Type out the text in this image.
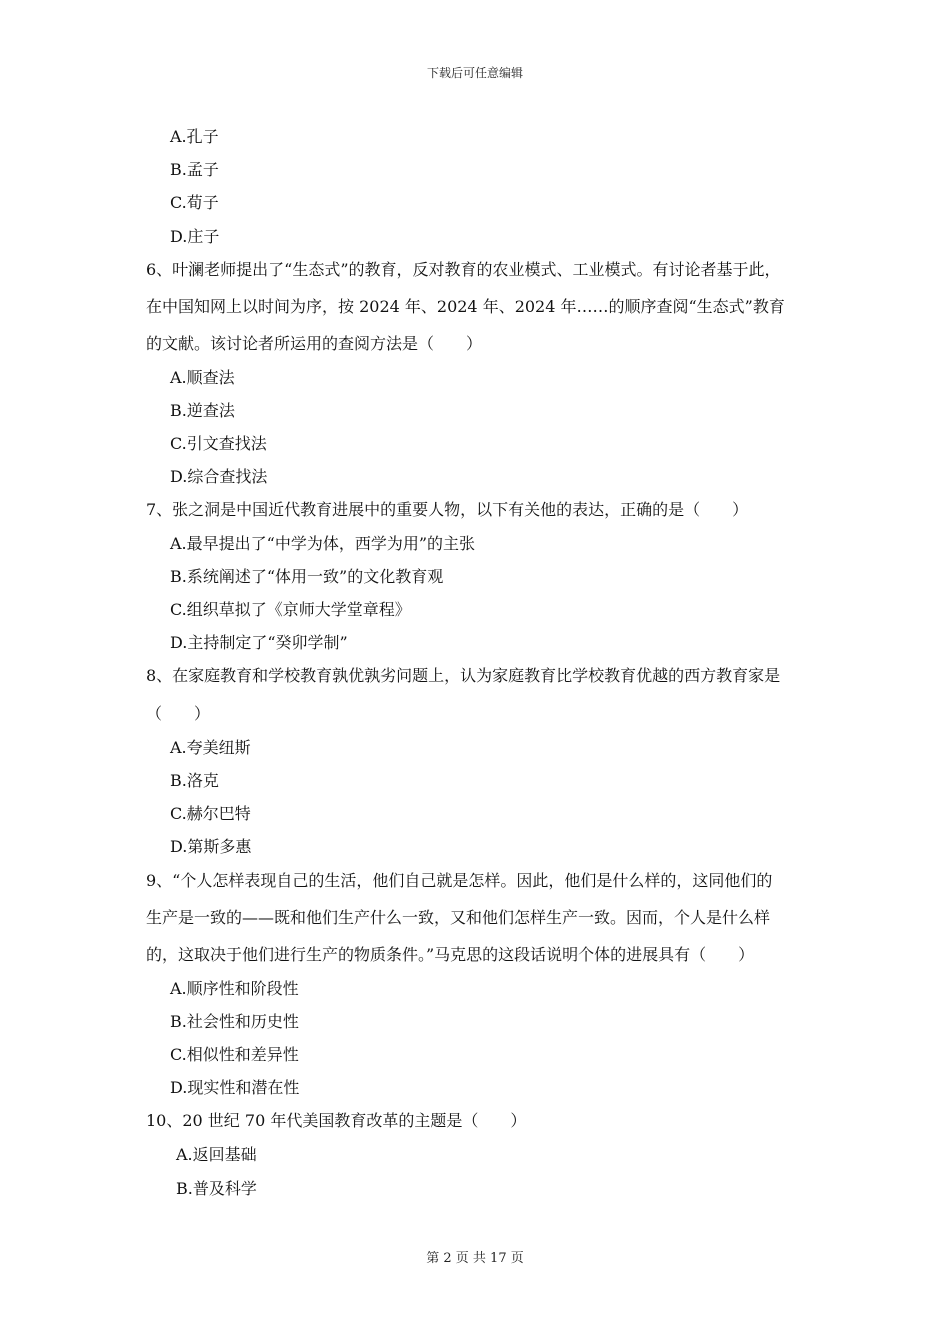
下载后可任意编辑
A.孔子
B.孟子
C.荀子
D.庄子
6、叶澜老师提出了“生态式”的教育，反对教育的农业模式、工业模式。有讨论者基于此，
在中国知网上以时间为序，按 2024 年、2024 年、2024 年……的顺序查阅“生态式”教育
的文献。该讨论者所运用的查阅方法是（　　）
A.顺查法
B.逆查法
C.引文查找法
D.综合查找法
7、张之洞是中国近代教育进展中的重要人物，以下有关他的表达，正确的是（　　）
A.最早提出了“中学为体，西学为用”的主张
B.系统阐述了“体用一致”的文化教育观
C.组织草拟了《京师大学堂章程》
D.主持制定了“癸卯学制”
8、在家庭教育和学校教育孰优孰劣问题上，认为家庭教育比学校教育优越的西方教育家是
（　　）
A.夸美纽斯
B.洛克
C.赫尔巴特
D.第斯多惠
9、“个人怎样表现自己的生活，他们自己就是怎样。因此，他们是什么样的，这同他们的
生产是一致的——既和他们生产什么一致，又和他们怎样生产一致。因而，个人是什么样
的，这取决于他们进行生产的物质条件。”马克思的这段话说明个体的进展具有（　　）
A.顺序性和阶段性
B.社会性和历史性
C.相似性和差异性
D.现实性和潜在性
10、20 世纪 70 年代美国教育改革的主题是（　　）
A.返回基础
B.普及科学
第 2 页 共 17 页
